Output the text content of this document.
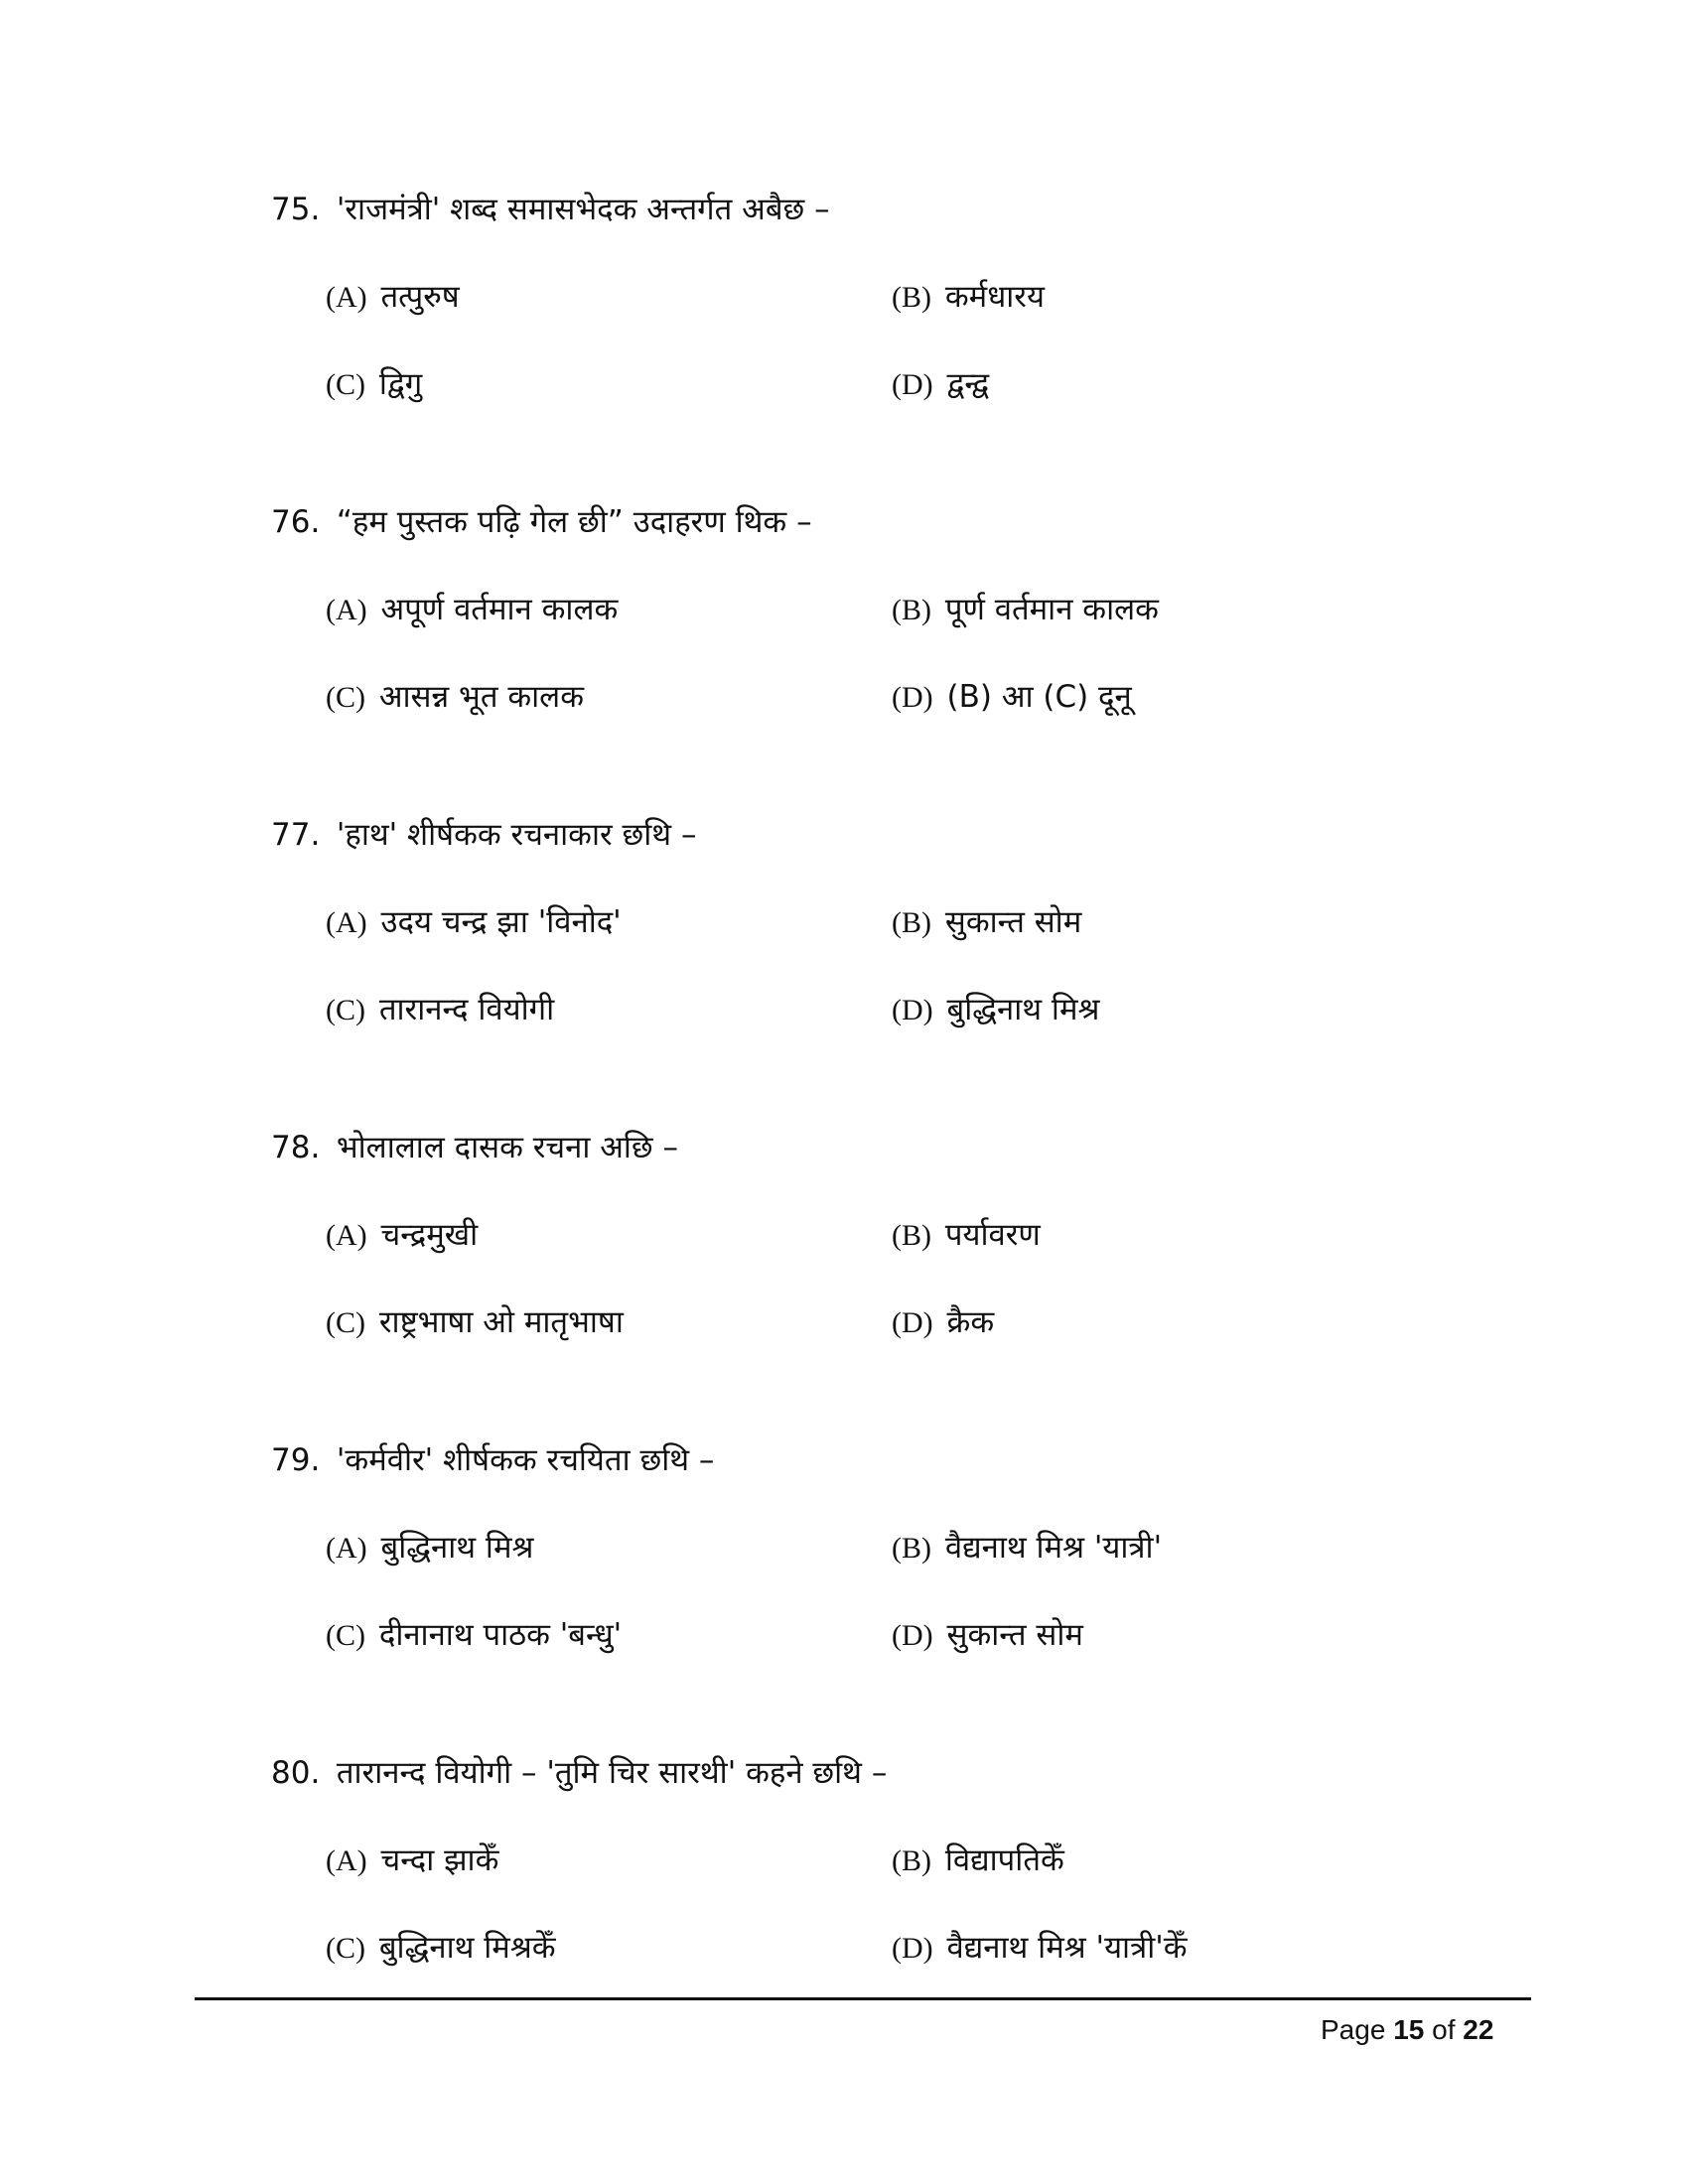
75. 'राजमंत्री' शब्द समासभेदक अन्तर्गत अबैछ –
(A) तत्पुरुष	(B) कर्मधारय
(C) द्विगु	(D) द्वन्द्व
76. “हम पुस्तक पढ़ि गेल छी” उदाहरण थिक –
(A) अपूर्ण वर्तमान कालक	(B) पूर्ण वर्तमान कालक
(C) आसन्न भूत कालक	(D) (B) आ (C) दूनू
77. 'हाथ' शीर्षकक रचनाकार छथि –
(A) उदय चन्द्र झा 'विनोद'	(B) सुकान्त सोम
(C) तारानन्द वियोगी	(D) बुद्धिनाथ मिश्र
78. भोलालाल दासक रचना अछि –
(A) चन्द्रमुखी	(B) पर्यावरण
(C) राष्ट्रभाषा ओ मातृभाषा	(D) क्रैक
79. 'कर्मवीर' शीर्षकक रचयिता छथि –
(A) बुद्धिनाथ मिश्र	(B) वैद्यनाथ मिश्र 'यात्री'
(C) दीनानाथ पाठक 'बन्धु'	(D) सुकान्त सोम
80. तारानन्द वियोगी – 'तुमि चिर सारथी' कहने छथि –
(A) चन्दा झाकेँ	(B) विद्यापतिकेँ
(C) बुद्धिनाथ मिश्रकेँ	(D) वैद्यनाथ मिश्र 'यात्री'केँ
Page 15 of 22
